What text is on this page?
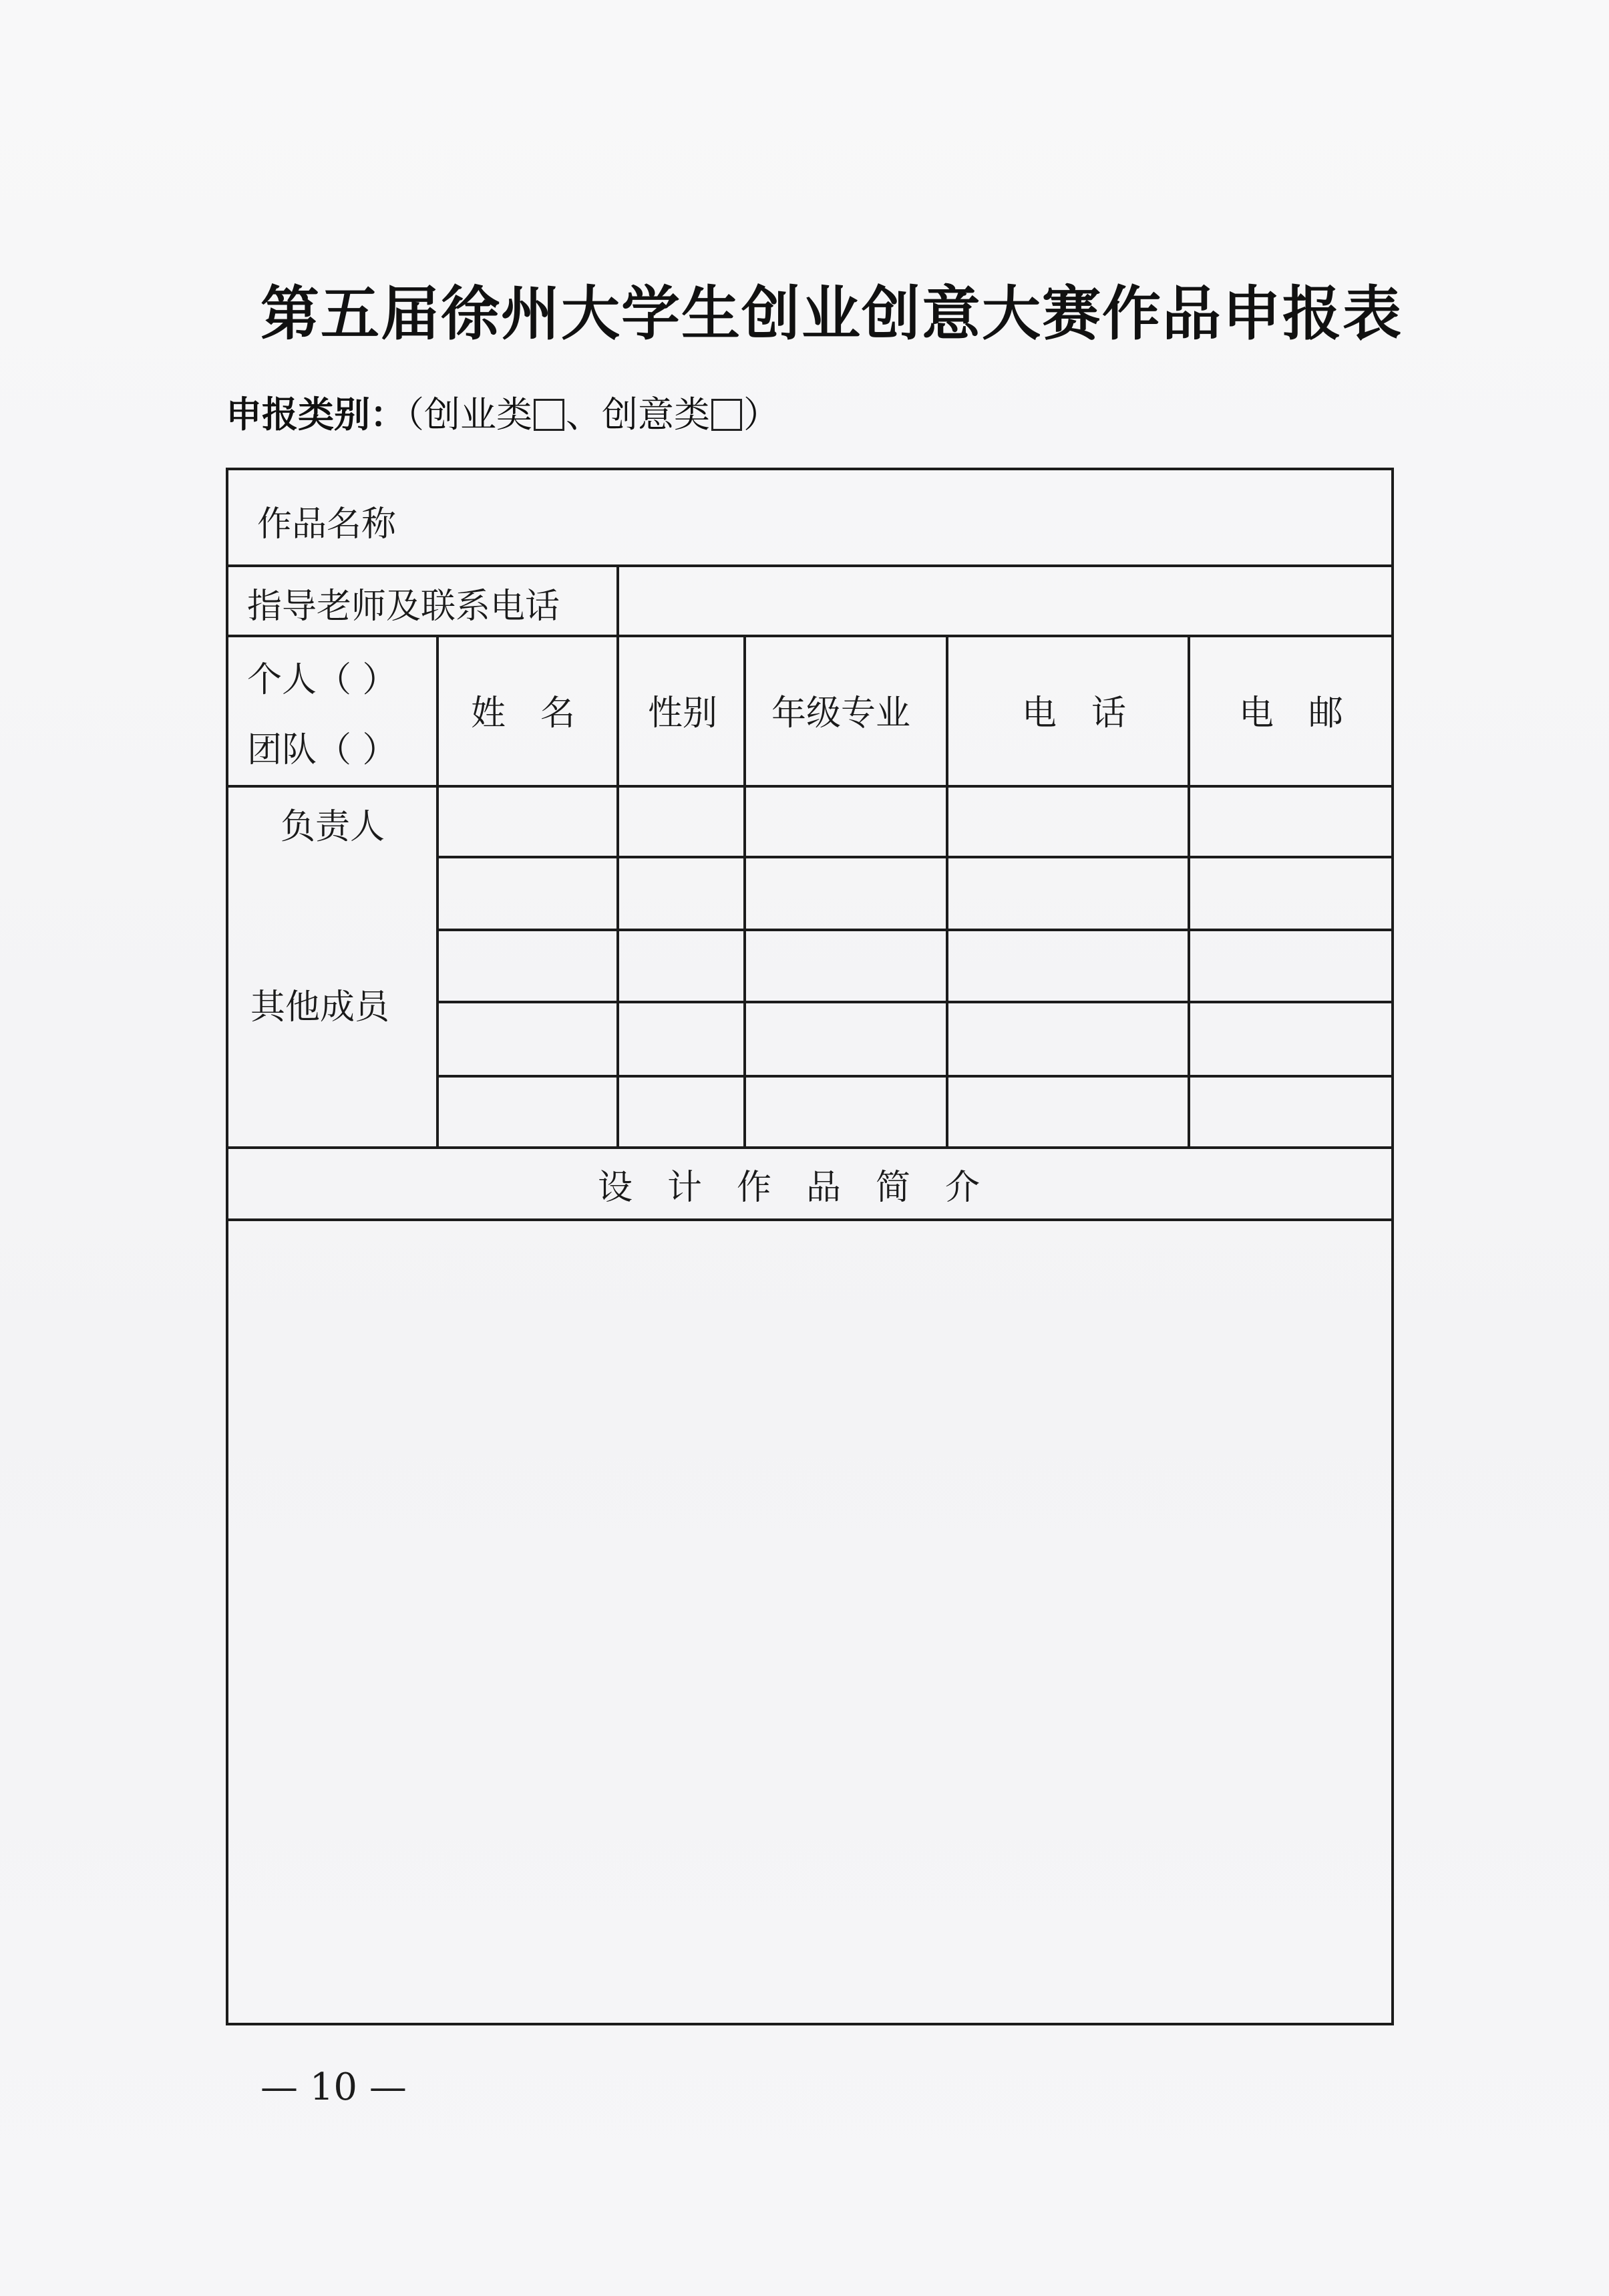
第五届徐州大学生创业创意大赛作品申报表
申报类别：（创业类 、创意类 ）
作品名称
指导老师及联系电话
个人（ ）
团队（ ）
姓　名 性别 年级专业	电　话	电　邮
负责人
其他成员
设　计　作　品　简　介
— 10 —
